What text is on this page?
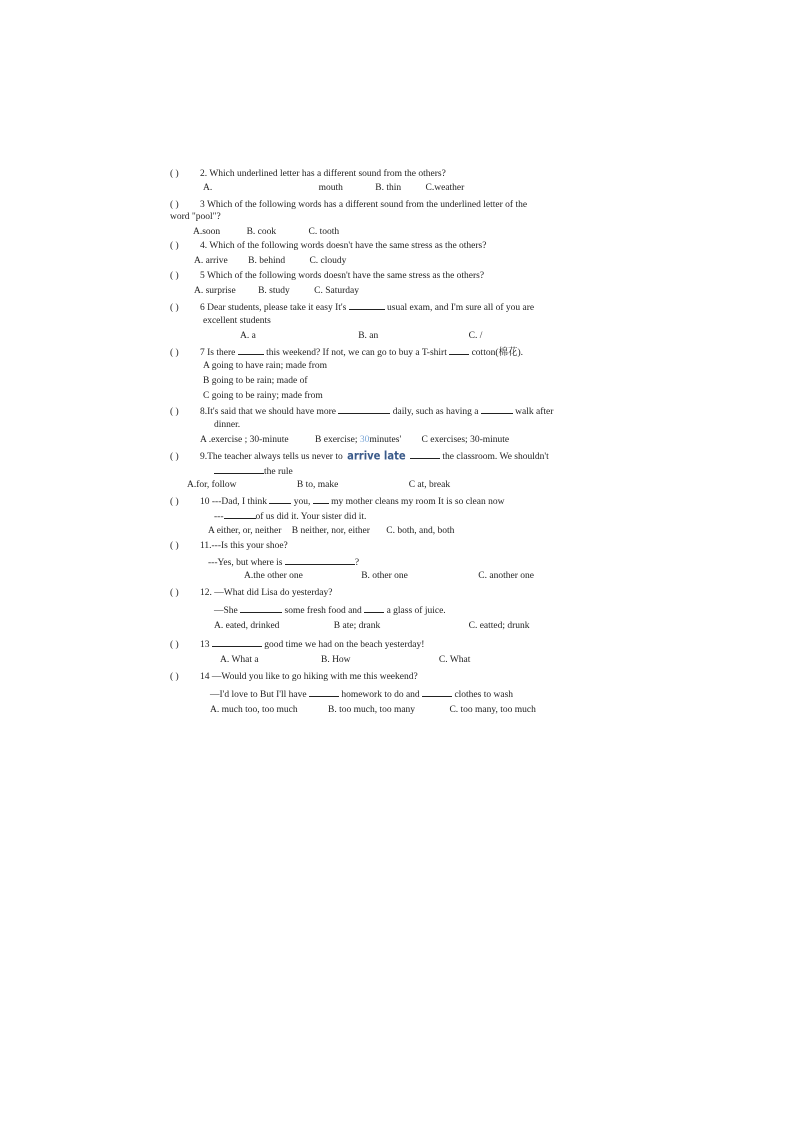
( ) 2. Which underlined letter has a different sound from the others?
A.	mouth	B. thin	C.weather
( ) 3 Which of the following words has a different sound from the underlined letter of the
word "pool"?
A.soon	B. cook	C. tooth
( ) 4. Which of the following words doesn't have the same stress as the others?
A. arrive B. behind	C. cloudy
( ) 5 Which of the following words doesn't have the same stress as the others?
A. surprise B. study	C. Saturday
( ) 6 Dear students, please take it easy It's	usual exam, and I'm sure all of you are
excellent students
A. a	B. an	C. /
( ) 7 Is there	this weekend? If not, we can go to buy a T-shirt	cotton(棉花).
A going to have rain; made from
B going to be rain; made of
C going to be rainy; made from
( ) 8.It's said that we should have more	daily, such as having a	walk after
dinner.
A .exercise ; 30-minute	B exercise; 30minutes' C exercises; 30-minute
( ) 9.The teacher always tells us never to arrive late	the classroom. We shouldn't
the rule
A.for, follow	B to, make	C at, break
( ) 10 ---Dad, I think	you, my mother cleans my room It is so clean now
---	of us did it. Your sister did it.
A either, or, neither B neither, nor, either C. both, and, both
( ) 11.---Is this your shoe?
---Yes, but where is	?
A.the other one	B. other one	C. another one
( ) 12. —What did Lisa do yesterday?
—She	some fresh food and	a glass of juice.
A. eated, drinked	B ate; drank	C. eatted; drunk
( ) 13	good time we had on the beach yesterday!
A. What a	B. How	C. What
( ) 14 —Would you like to go hiking with me this weekend?
—I'd love to But I'll have	homework to do and	clothes to wash
A. much too, too much	B. too much, too many	C. too many, too much
